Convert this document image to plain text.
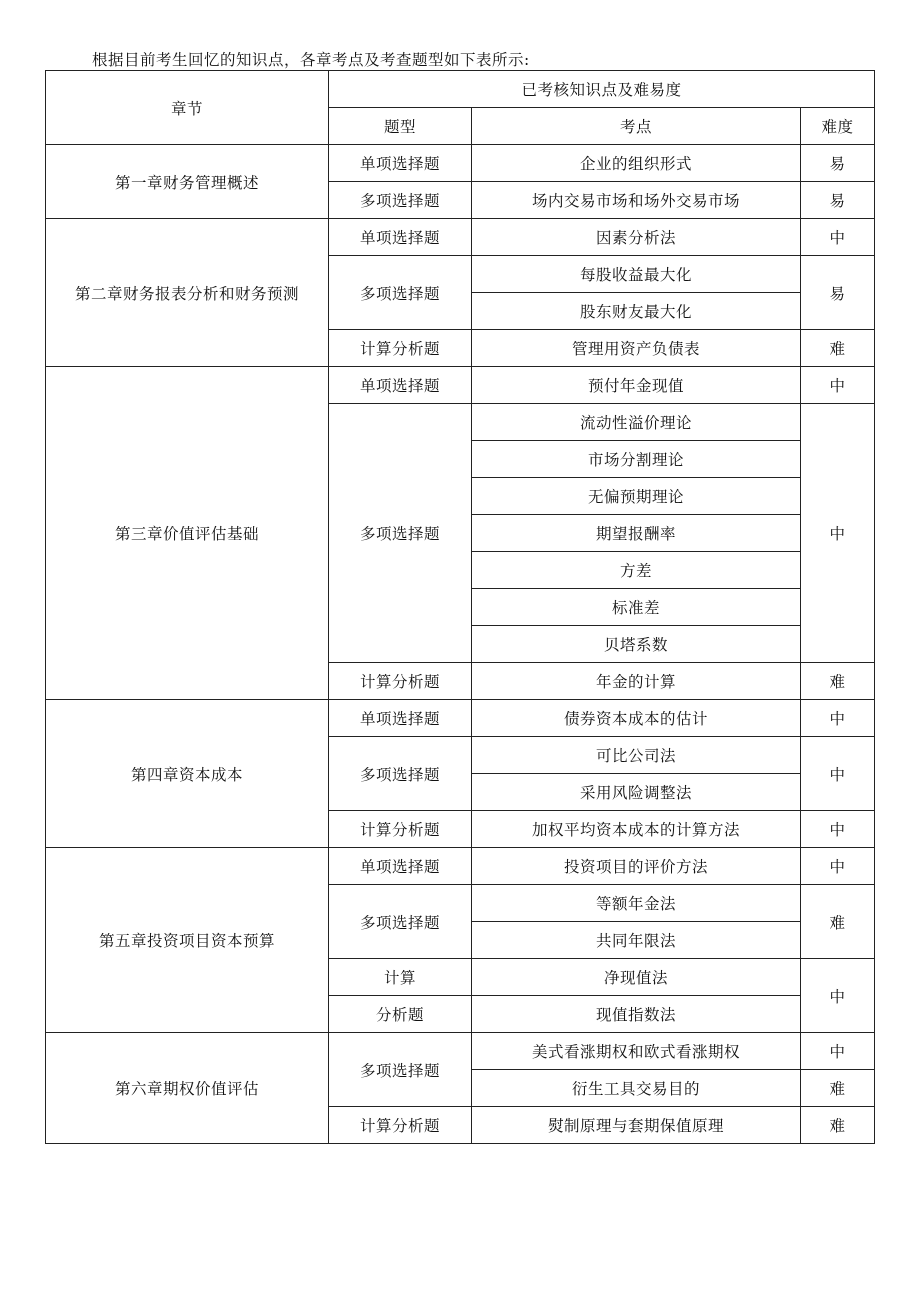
根据目前考生回忆的知识点，各章考点及考查题型如下表所示:
章节	已考核知识点及难易度		
	题型	考点	难度
第一章财务管理概述	单项选择题	企业的组织形式	易
	多项选择题	场内交易市场和场外交易市场	易
第二章财务报表分析和财务预测	单项选择题	因素分析法	中
	多项选择题	每股收益最大化	易
		股东财友最大化	
	计算分析题	管理用资产负债表	难
第三章价值评估基础	单项选择题	预付年金现值	中
	多项选择题	流动性溢价理论	中
		市场分割理论	
		无偏预期理论	
		期望报酬率	
		方差	
		标准差	
		贝塔系数	
	计算分析题	年金的计算	难
第四章资本成本	单项选择题	债券资本成本的估计	中
	多项选择题	可比公司法	中
		采用风险调整法	
	计算分析题	加权平均资本成本的计算方法	中
第五章投资项目资本预算	单项选择题	投资项目的评价方法	中
	多项选择题	等额年金法	难
		共同年限法	
	计算	净现值法	中
	分析题	现值指数法	
第六章期权价值评估	多项选择题	美式看涨期权和欧式看涨期权	中
		衍生工具交易目的	难
	计算分析题	熨制原理与套期保值原理	难
